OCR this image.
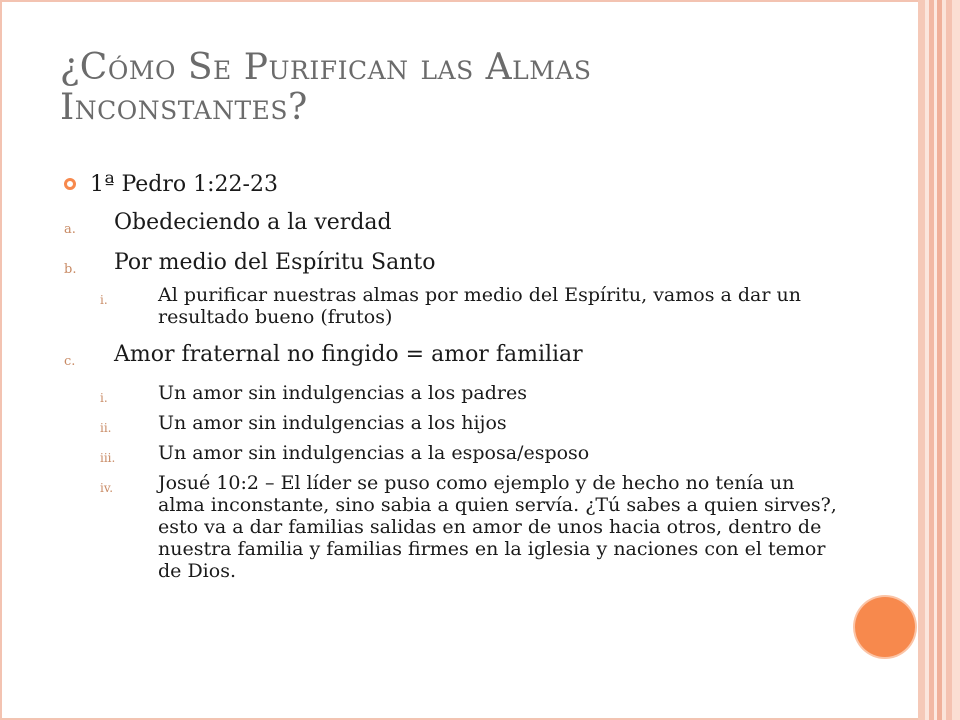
¿Cómo Se Purifican las Almas
Inconstantes?
1ª Pedro 1:22-23
a. Obedeciendo a la verdad
b. Por medio del Espíritu Santo
i.	Al purificar nuestras almas por medio del Espíritu, vamos a dar un resultado bueno (frutos)
c. Amor fraternal no fingido = amor familiar
i.	Un amor sin indulgencias a los padres
ii. Un amor sin indulgencias a los hijos
iii. Un amor sin indulgencias a la esposa/esposo
iv. Josué 10:2 – El líder se puso como ejemplo y de hecho no tenía un alma inconstante, sino sabia a quien servía. ¿Tú sabes a quien sirves?, esto va a dar familias salidas en amor de unos hacia otros, dentro de nuestra familia y familias firmes en la iglesia y naciones con el temor de Dios.
